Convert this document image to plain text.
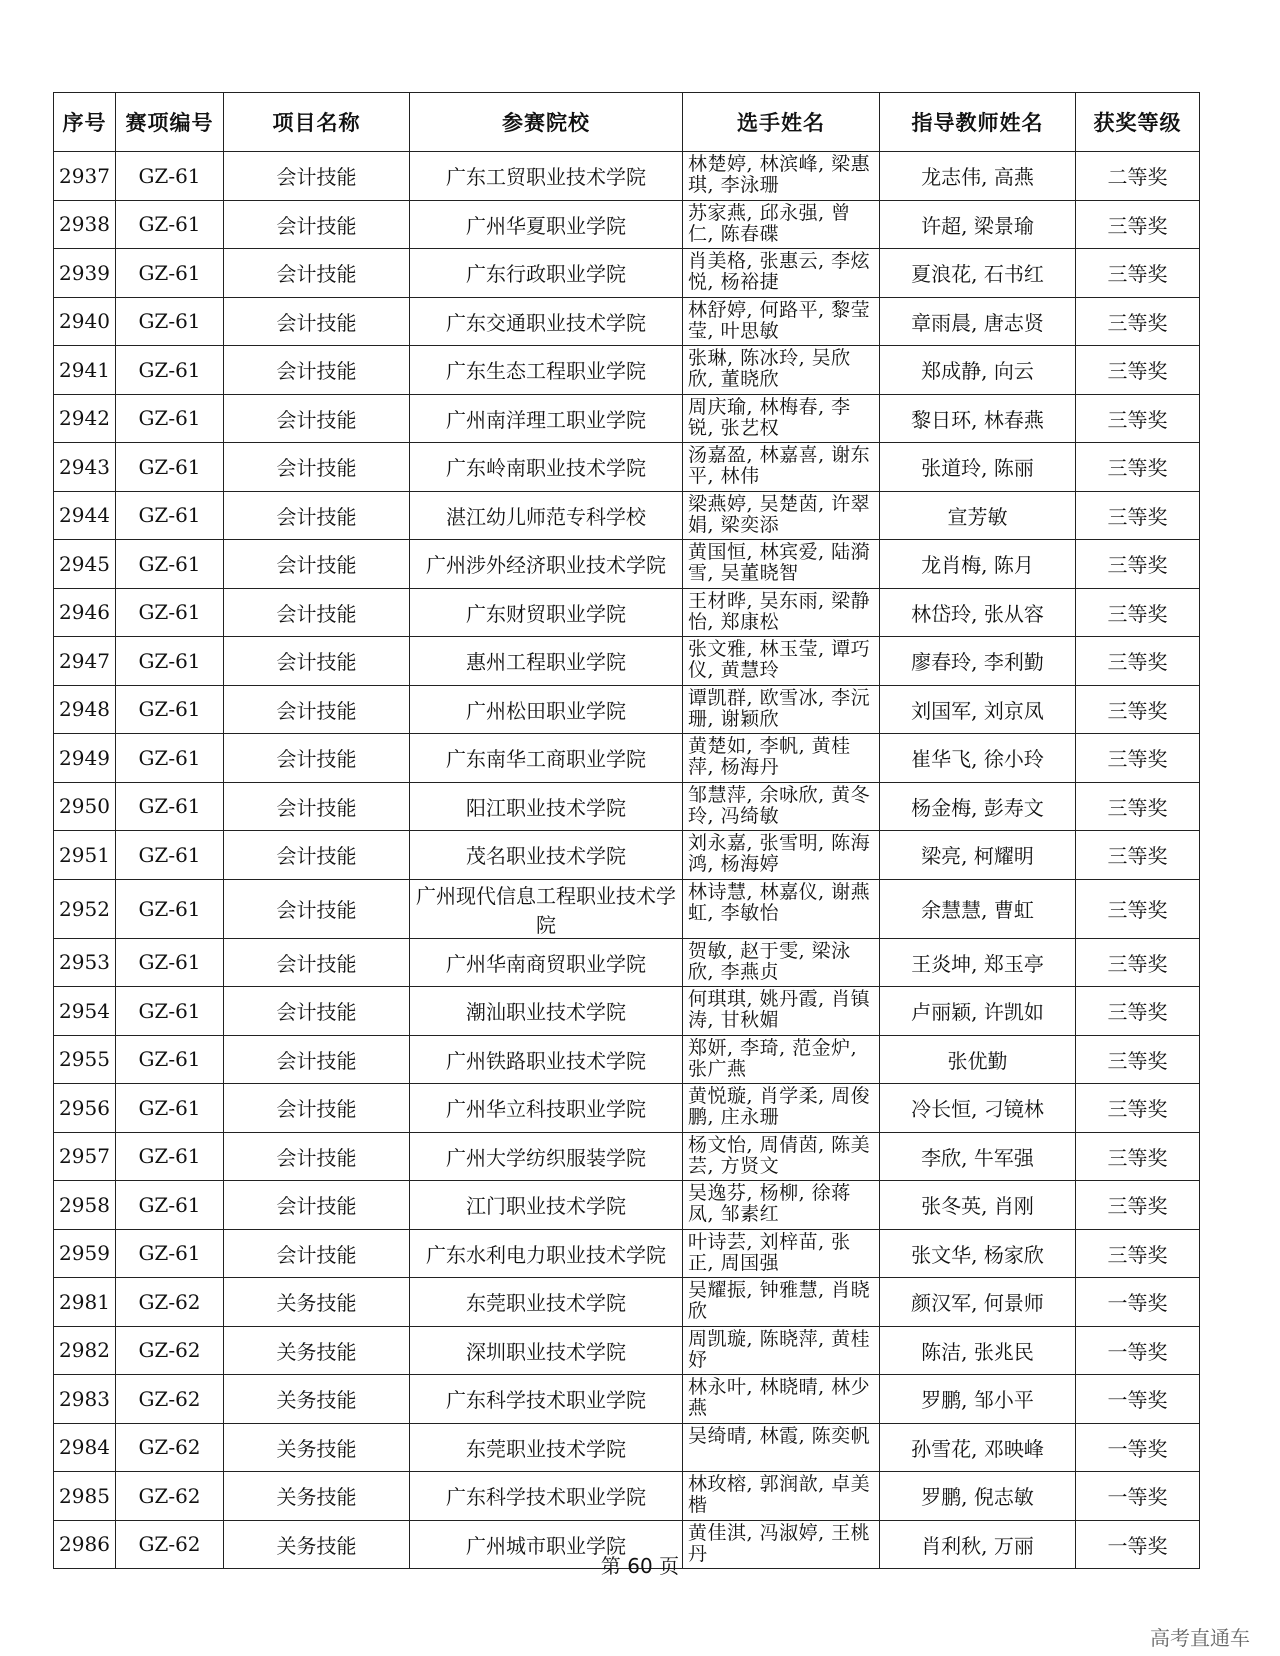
序号	赛项编号	项目名称	参赛院校	选手姓名	指导教师姓名	获奖等级
2937	GZ-61	会计技能	广东工贸职业技术学院	林楚婷, 林滨峰, 梁惠琪, 李泳珊	龙志伟, 高燕	二等奖
2938	GZ-61	会计技能	广州华夏职业学院	苏家燕, 邱永强, 曾仁, 陈春碟	许超, 梁景瑜	三等奖
2939	GZ-61	会计技能	广东行政职业学院	肖美格, 张惠云, 李炫悦, 杨裕捷	夏浪花, 石书红	三等奖
2940	GZ-61	会计技能	广东交通职业技术学院	林舒婷, 何路平, 黎莹莹, 叶思敏	章雨晨, 唐志贤	三等奖
2941	GZ-61	会计技能	广东生态工程职业学院	张琳, 陈冰玲, 吴欣欣, 董晓欣	郑成静, 向云	三等奖
2942	GZ-61	会计技能	广州南洋理工职业学院	周庆瑜, 林梅春, 李锐, 张艺权	黎日环, 林春燕	三等奖
2943	GZ-61	会计技能	广东岭南职业技术学院	汤嘉盈, 林嘉喜, 谢东平, 林伟	张道玲, 陈丽	三等奖
2944	GZ-61	会计技能	湛江幼儿师范专科学校	梁燕婷, 吴楚茵, 许翠娟, 梁奕添	宣芳敏	三等奖
2945	GZ-61	会计技能	广州涉外经济职业技术学院	黄国恒, 林宾爱, 陆漪雪, 吴董晓智	龙肖梅, 陈月	三等奖
2946	GZ-61	会计技能	广东财贸职业学院	王材晔, 吴东雨, 梁静怡, 郑康松	林岱玲, 张从容	三等奖
2947	GZ-61	会计技能	惠州工程职业学院	张文雅, 林玉莹, 谭巧仪, 黄慧玲	廖春玲, 李利勤	三等奖
2948	GZ-61	会计技能	广州松田职业学院	谭凯群, 欧雪冰, 李沅珊, 谢颖欣	刘国军, 刘京凤	三等奖
2949	GZ-61	会计技能	广东南华工商职业学院	黄楚如, 李帆, 黄桂萍, 杨海丹	崔华飞, 徐小玲	三等奖
2950	GZ-61	会计技能	阳江职业技术学院	邹慧萍, 余咏欣, 黄冬玲, 冯绮敏	杨金梅, 彭寿文	三等奖
2951	GZ-61	会计技能	茂名职业技术学院	刘永嘉, 张雪明, 陈海鸿, 杨海婷	梁亮, 柯耀明	三等奖
2952	GZ-61	会计技能	广州现代信息工程职业技术学院	林诗慧, 林嘉仪, 谢燕虹, 李敏怡	余慧慧, 曹虹	三等奖
2953	GZ-61	会计技能	广州华南商贸职业学院	贺敏, 赵于雯, 梁泳欣, 李燕贞	王炎坤, 郑玉亭	三等奖
2954	GZ-61	会计技能	潮汕职业技术学院	何琪琪, 姚丹霞, 肖镇涛, 甘秋媚	卢丽颖, 许凯如	三等奖
2955	GZ-61	会计技能	广州铁路职业技术学院	郑妍, 李琦, 范金炉, 张广燕	张优勤	三等奖
2956	GZ-61	会计技能	广州华立科技职业学院	黄悦璇, 肖学柔, 周俊鹏, 庄永珊	冷长恒, 刁镜林	三等奖
2957	GZ-61	会计技能	广州大学纺织服装学院	杨文怡, 周倩茵, 陈美芸, 方贤文	李欣, 牛军强	三等奖
2958	GZ-61	会计技能	江门职业技术学院	吴逸芬, 杨柳, 徐蒋凤, 邹素红	张冬英, 肖刚	三等奖
2959	GZ-61	会计技能	广东水利电力职业技术学院	叶诗芸, 刘梓苗, 张正, 周国强	张文华, 杨家欣	三等奖
2981	GZ-62	关务技能	东莞职业技术学院	吴耀振, 钟雅慧, 肖晓欣	颜汉军, 何景师	一等奖
2982	GZ-62	关务技能	深圳职业技术学院	周凯璇, 陈晓萍, 黄桂妤	陈洁, 张兆民	一等奖
2983	GZ-62	关务技能	广东科学技术职业学院	林永叶, 林晓晴, 林少燕	罗鹏, 邹小平	一等奖
2984	GZ-62	关务技能	东莞职业技术学院	吴绮晴, 林霞, 陈奕帆	孙雪花, 邓映峰	一等奖
2985	GZ-62	关务技能	广东科学技术职业学院	林玫榕, 郭润歆, 卓美楷	罗鹏, 倪志敏	一等奖
2986	GZ-62	关务技能	广州城市职业学院	黄佳淇, 冯淑婷, 王桃丹	肖利秋, 万丽	一等奖
第 60 页
高考直通车
